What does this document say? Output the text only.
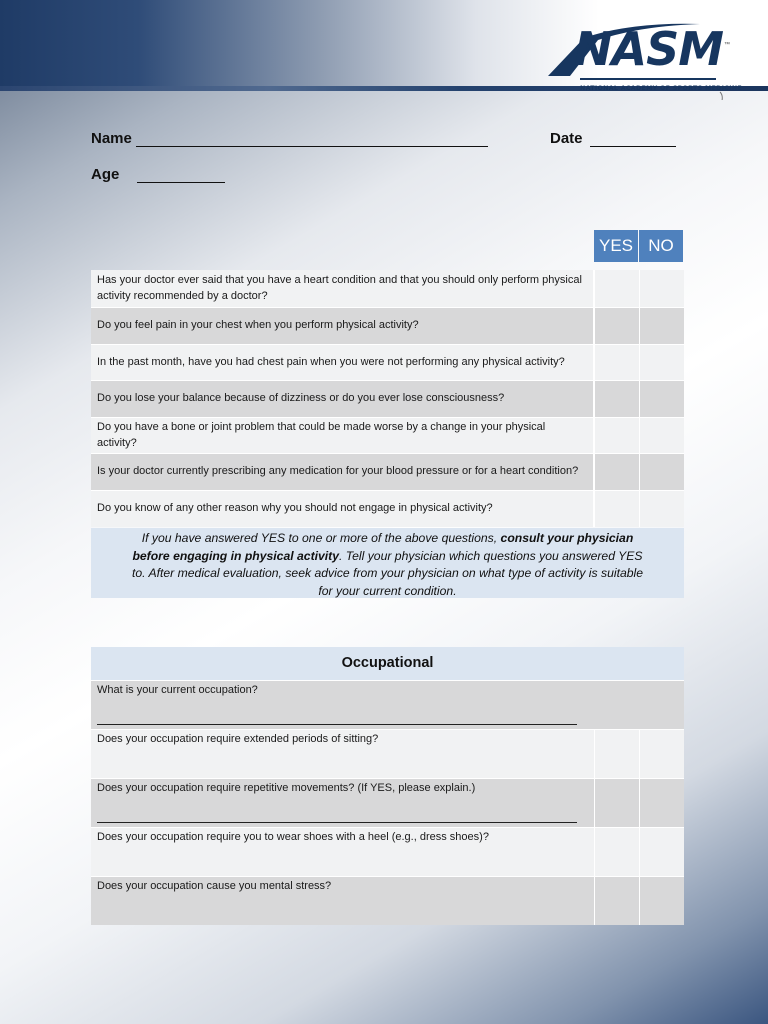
NASM ™
NATIONAL ACADEMY OF SPORTS MEDICINE
Name	Date
Age
YES NO
Has your doctor ever said that you have a heart condition and that you should only perform physical activity recommended by a doctor?
Do you feel pain in your chest when you perform physical activity?
In the past month, have you had chest pain when you were not performing any physical activity?
Do you lose your balance because of dizziness or do you ever lose consciousness?
Do you have a bone or joint problem that could be made worse by a change in your physical activity?
Is your doctor currently prescribing any medication for your blood pressure or for a heart condition?
Do you know of any other reason why you should not engage in physical activity?
If you have answered YES to one or more of the above questions, consult your physician before engaging in physical activity. Tell your physician which questions you answered YES to. After medical evaluation, seek advice from your physician on what type of activity is suitable for your current condition.
Occupational
What is your current occupation?
Does your occupation require extended periods of sitting?
Does your occupation require repetitive movements? (If YES, please explain.)
Does your occupation require you to wear shoes with a heel (e.g., dress shoes)?
Does your occupation cause you mental stress?
